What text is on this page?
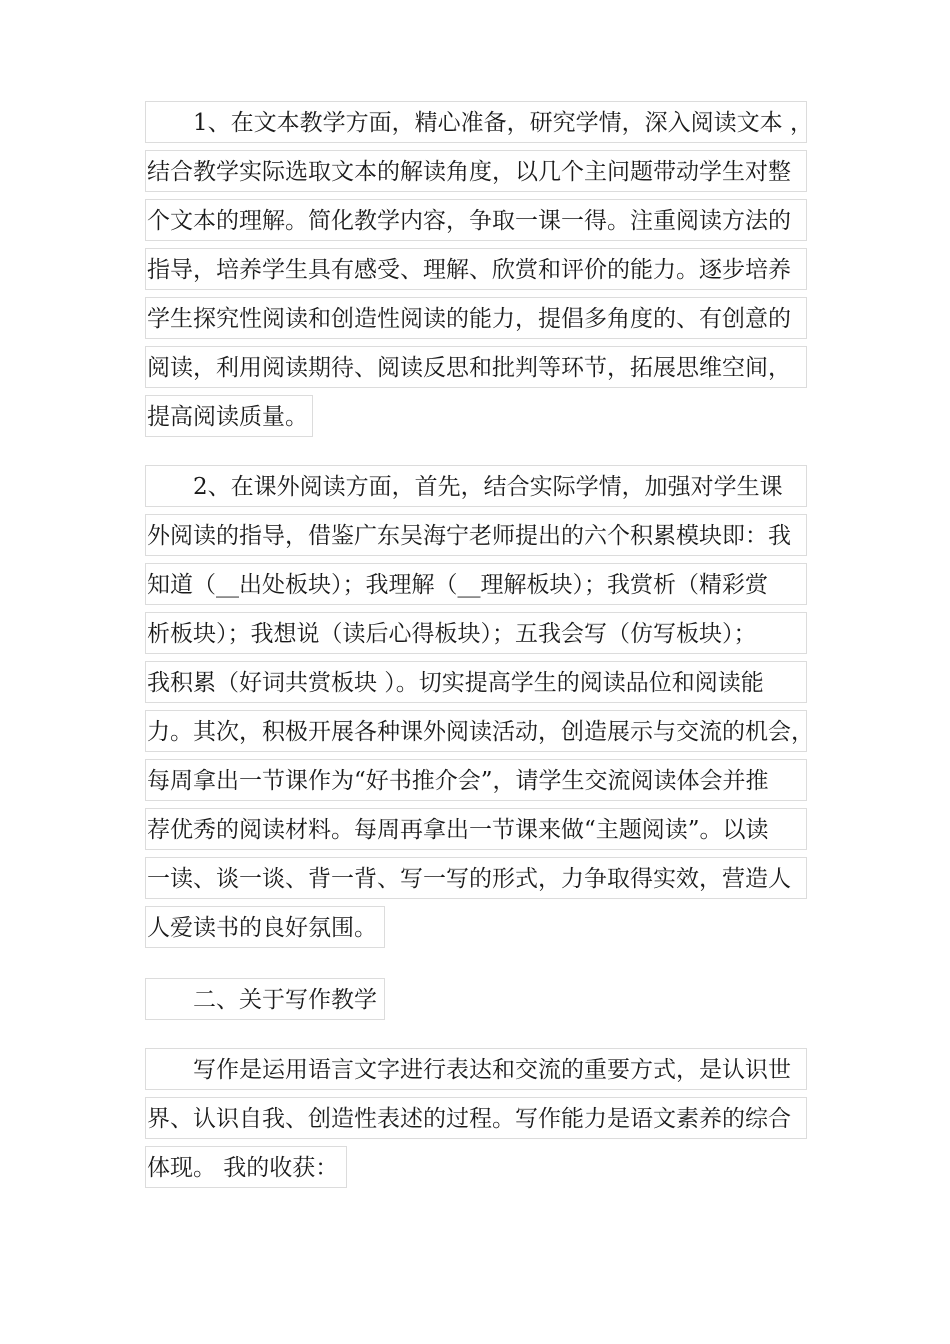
1、在文本教学方面，精心准备，研究学情，深入阅读文本 ，
结合教学实际选取文本的解读角度，以几个主问题带动学生对整
个文本的理解。简化教学内容，争取一课一得。注重阅读方法的
指导，培养学生具有感受、理解、欣赏和评价的能力。逐步培养
学生探究性阅读和创造性阅读的能力，提倡多角度的、有创意的
阅读，利用阅读期待、阅读反思和批判等环节，拓展思维空间，
提高阅读质量。
2、在课外阅读方面，首先，结合实际学情，加强对学生课
外阅读的指导，借鉴广东吴海宁老师提出的六个积累模块即：我
知道（__出处板块）；我理解（__理解板块）；我赏析（精彩赏
析板块）；我想说（读后心得板块）；五我会写（仿写板块）；
我积累（好词共赏板块 ）。切实提高学生的阅读品位和阅读能
力。其次，积极开展各种课外阅读活动，创造展示与交流的机会，
每周拿出一节课作为“好书推介会”，请学生交流阅读体会并推
荐优秀的阅读材料。每周再拿出一节课来做“主题阅读”。以读
一读、谈一谈、背一背、写一写的形式，力争取得实效，营造人
人爱读书的良好氛围。
二、关于写作教学
写作是运用语言文字进行表达和交流的重要方式，是认识世
界、认识自我、创造性表述的过程。写作能力是语文素养的综合
体现。 我的收获：
